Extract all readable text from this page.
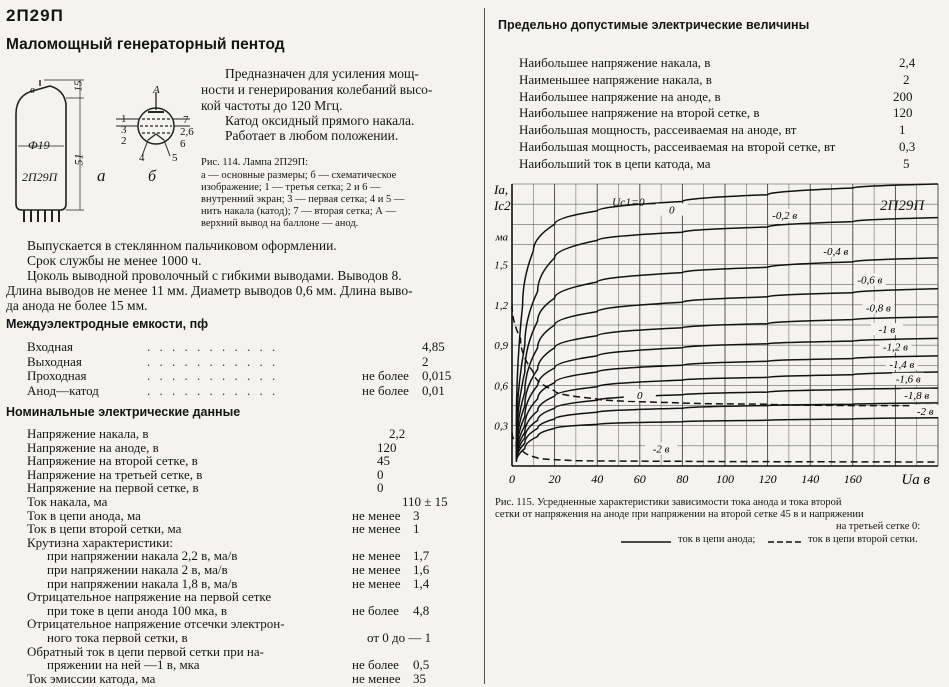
2П29П
Маломощный генераторный пентод
Предназначен для усиления мощ-
ности и генерирования колебаний высо-
кой частоты до 120 Мгц.
Катод оксидный прямого накала.
Работает в любом положении.
в	15
Ф19
51
2П29П а
А
1
3
2
4	5
7
2,6
6
б
Рис. 114. Лампа 2П29П:
а — основные размеры; б — схематическое
изображение; 1 — третья сетка; 2 и 6 —
внутренний экран; 3 — первая сетка; 4 и 5 —
нить накала (катод); 7 — вторая сетка; А —
верхний вывод на баллоне — анод.
Выпускается в стеклянном пальчиковом оформлении.
Срок службы не менее 1000 ч.
Цоколь выводной проволочный с гибкими выводами. Выводов 8.
Длина выводов не менее 11 мм. Диаметр выводов 0,6 мм. Длина выво-
да анода не более 15 мм.
Междуэлектродные емкости, пф
Входная	. . . . . . . . . . .	4,85
Выходная	. . . . . . . . . . .	2
Проходная	. . . . . . . . . . .	не более 0,015
Анод—катод	. . . . . . . . . . .	не более 0,01
Номинальные электрические данные
Напряжение накала, в	2,2
Напряжение на аноде, в	120
Напряжение на второй сетке, в	45
Напряжение на третьей сетке, в	0
Напряжение на первой сетке, в	0
Ток накала, ма	110 ± 15
Ток в цепи анода, ма	не менее 3
Ток в цепи второй сетки, ма	не менее 1
Крутизна характеристики:
при напряжении накала 2,2 в, ма/в	не менее 1,7
при напряжении накала 2 в, ма/в	не менее 1,6
при напряжении накала 1,8 в, ма/в	не менее 1,4
Отрицательное напряжение на первой сетке
при токе в цепи анода 100 мка, в	не более 4,8
Отрицательное напряжение отсечки электрон-
ного тока первой сетки, в	от 0 до — 1
Обратный ток в цепи первой сетки при на-
пряжении на ней —1 в, мка	не более 0,5
Ток эмиссии катода, ма	не менее 35
Предельно допустимые электрические величины
Наибольшее напряжение накала, в	2,4
Наименьшее напряжение накала, в	2
Наибольшее напряжение на аноде, в	200
Наибольшее напряжение на второй сетке, в	120
Наибольшая мощность, рассеиваемая на аноде, вт	1
Наибольшая мощность, рассеиваемая на второй сетке, вт	0,3
Наибольший ток в цепи катода, ма	5
0	20	40	60	80 100 120 140 160
0,3
0,6
0,9
1,2
1,5
ма
Ia,
Ic2
Ua в
0	-0,2 в
-0,4 в
-0,6 в
-0,8 в
-1 в
-1,2 в
-1,4 в
-1,6 в
-1,8 в
-2 в
0
-2 в
2П29П
Uc1=0
Рис. 115. Усредненные характеристики зависимости тока анода и тока второй
сетки от напряжения на аноде при напряжении на второй сетке 45 в и напряжении
на третьей сетке 0:
ток в цепи анода;	ток в цепи второй сетки.
